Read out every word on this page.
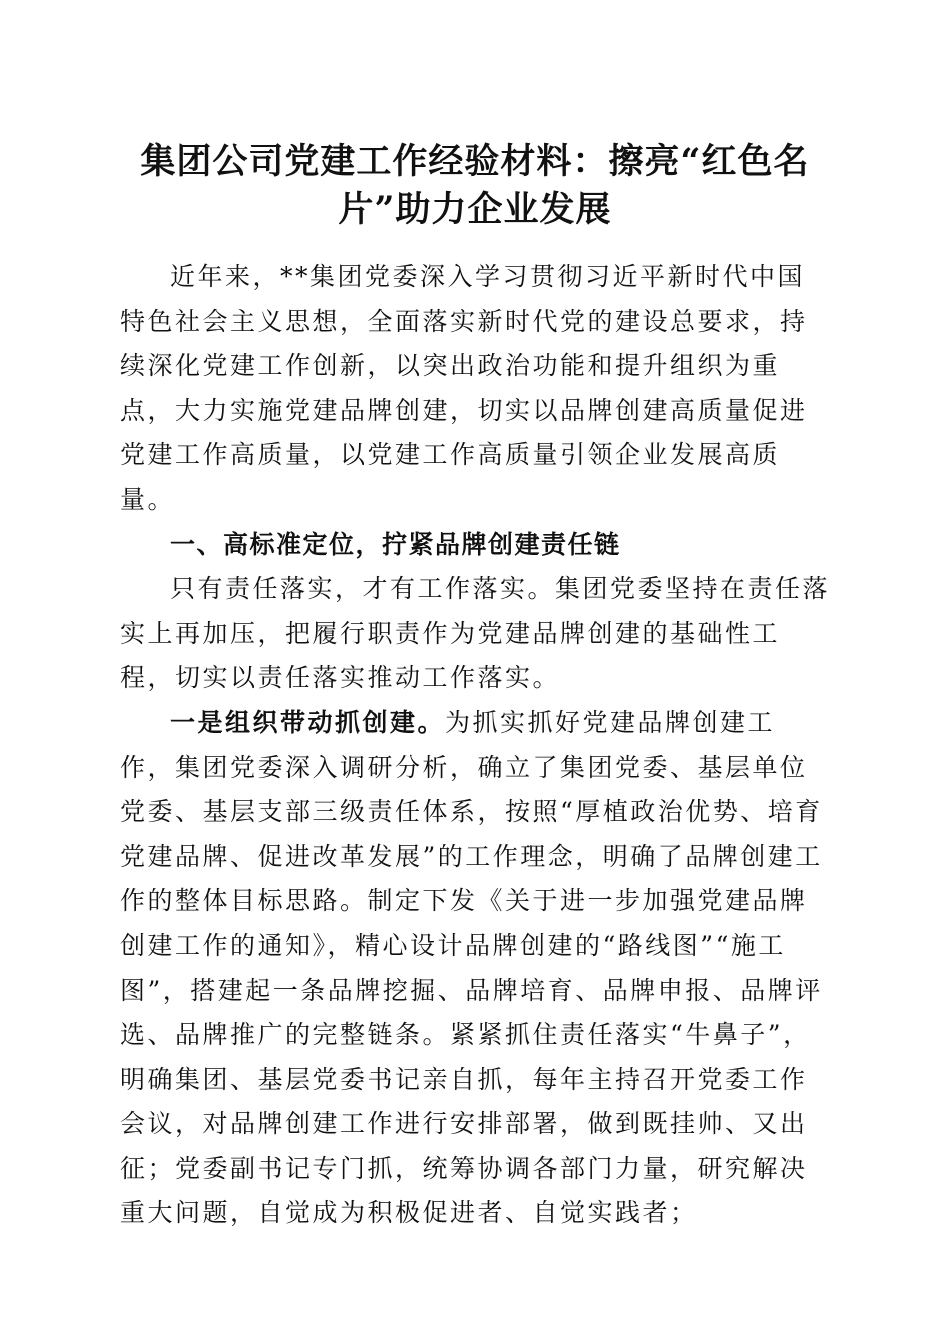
集团公司党建工作经验材料：擦亮“红色名片”助力企业发展

近年来，**集团党委深入学习贯彻习近平新时代中国特色社会主义思想，全面落实新时代党的建设总要求，持续深化党建工作创新，以突出政治功能和提升组织为重点，大力实施党建品牌创建，切实以品牌创建高质量促进党建工作高质量，以党建工作高质量引领企业发展高质量。

一、高标准定位，拧紧品牌创建责任链

只有责任落实，才有工作落实。集团党委坚持在责任落实上再加压，把履行职责作为党建品牌创建的基础性工程，切实以责任落实推动工作落实。

一是组织带动抓创建。为抓实抓好党建品牌创建工作，集团党委深入调研分析，确立了集团党委、基层单位党委、基层支部三级责任体系，按照“厚植政治优势、培育党建品牌、促进改革发展”的工作理念，明确了品牌创建工作的整体目标思路。制定下发《关于进一步加强党建品牌创建工作的通知》，精心设计品牌创建的“路线图”“施工图”，搭建起一条品牌挖掘、品牌培育、品牌申报、品牌评选、品牌推广的完整链条。紧紧抓住责任落实“牛鼻子”，明确集团、基层党委书记亲自抓，每年主持召开党委工作会议，对品牌创建工作进行安排部署，做到既挂帅、又出征；党委副书记专门抓，统筹协调各部门力量，研究解决重大问题，自觉成为积极促进者、自觉实践者；
